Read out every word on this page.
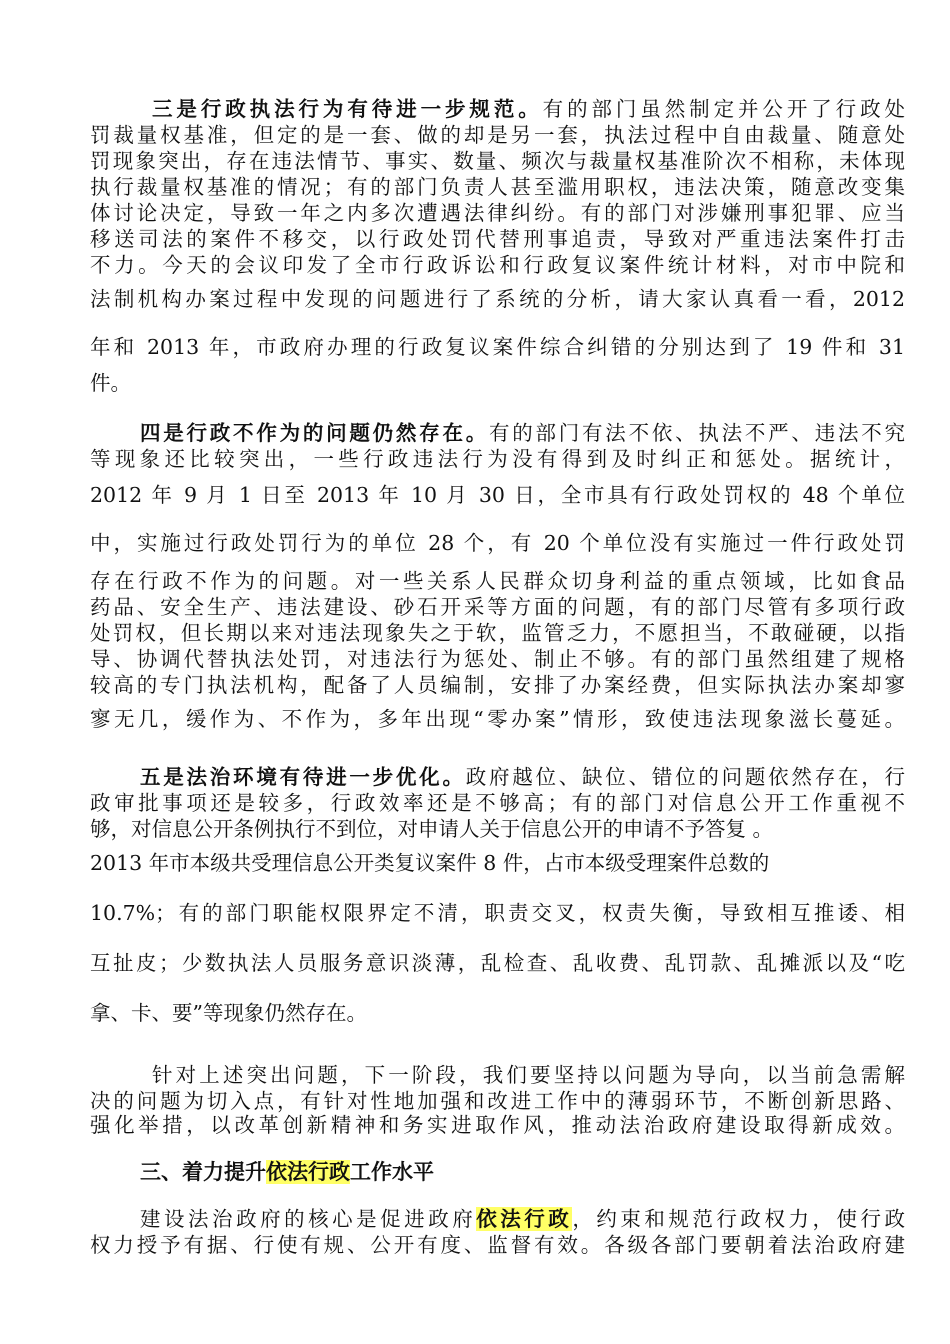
三是行政执法行为有待进一步规范。有的部门虽然制定并公开了行政处
罚裁量权基准，但定的是一套、做的却是另一套，执法过程中自由裁量、随意处
罚现象突出，存在违法情节、事实、数量、频次与裁量权基准阶次不相称，未体现
执行裁量权基准的情况；有的部门负责人甚至滥用职权，违法决策，随意改变集
体讨论决定，导致一年之内多次遭遇法律纠纷。有的部门对涉嫌刑事犯罪、应当
移送司法的案件不移交，以行政处罚代替刑事追责，导致对严重违法案件打击
不力。今天的会议印发了全市行政诉讼和行政复议案件统计材料，对市中院和
法制机构办案过程中发现的问题进行了系统的分析，请大家认真看一看，2012
年和 2013 年，市政府办理的行政复议案件综合纠错的分别达到了 19 件和 31
件。
四是行政不作为的问题仍然存在。有的部门有法不依、执法不严、违法不究
等现象还比较突出，一些行政违法行为没有得到及时纠正和惩处。据统计，
2012 年 9 月 1 日至 2013 年 10 月 30 日，全市具有行政处罚权的 48 个单位
中，实施过行政处罚行为的单位 28 个，有 20 个单位没有实施过一件行政处罚
存在行政不作为的问题。对一些关系人民群众切身利益的重点领域，比如食品
药品、安全生产、违法建设、砂石开采等方面的问题，有的部门尽管有多项行政
处罚权，但长期以来对违法现象失之于软，监管乏力，不愿担当，不敢碰硬，以指
导、协调代替执法处罚，对违法行为惩处、制止不够。有的部门虽然组建了规格
较高的专门执法机构，配备了人员编制，安排了办案经费，但实际执法办案却寥
寥无几，缓作为、不作为，多年出现“零办案”情形，致使违法现象滋长蔓延。
五是法治环境有待进一步优化。政府越位、缺位、错位的问题依然存在，行
政审批事项还是较多，行政效率还是不够高；有的部门对信息公开工作重视不
够，对信息公开条例执行不到位，对申请人关于信息公开的申请不予答复 。
2013 年市本级共受理信息公开类复议案件 8 件，占市本级受理案件总数的
10.7%；有的部门职能权限界定不清，职责交叉，权责失衡，导致相互推诿、相
互扯皮；少数执法人员服务意识淡薄，乱检查、乱收费、乱罚款、乱摊派以及“吃
拿、卡、要”等现象仍然存在。
针对上述突出问题，下一阶段，我们要坚持以问题为导向，以当前急需解
决的问题为切入点，有针对性地加强和改进工作中的薄弱环节，不断创新思路、
强化举措，以改革创新精神和务实进取作风，推动法治政府建设取得新成效。
三、着力提升依法行政工作水平
建设法治政府的核心是促进政府依法行政，约束和规范行政权力，使行政
权力授予有据、行使有规、公开有度、监督有效。各级各部门要朝着法治政府建
